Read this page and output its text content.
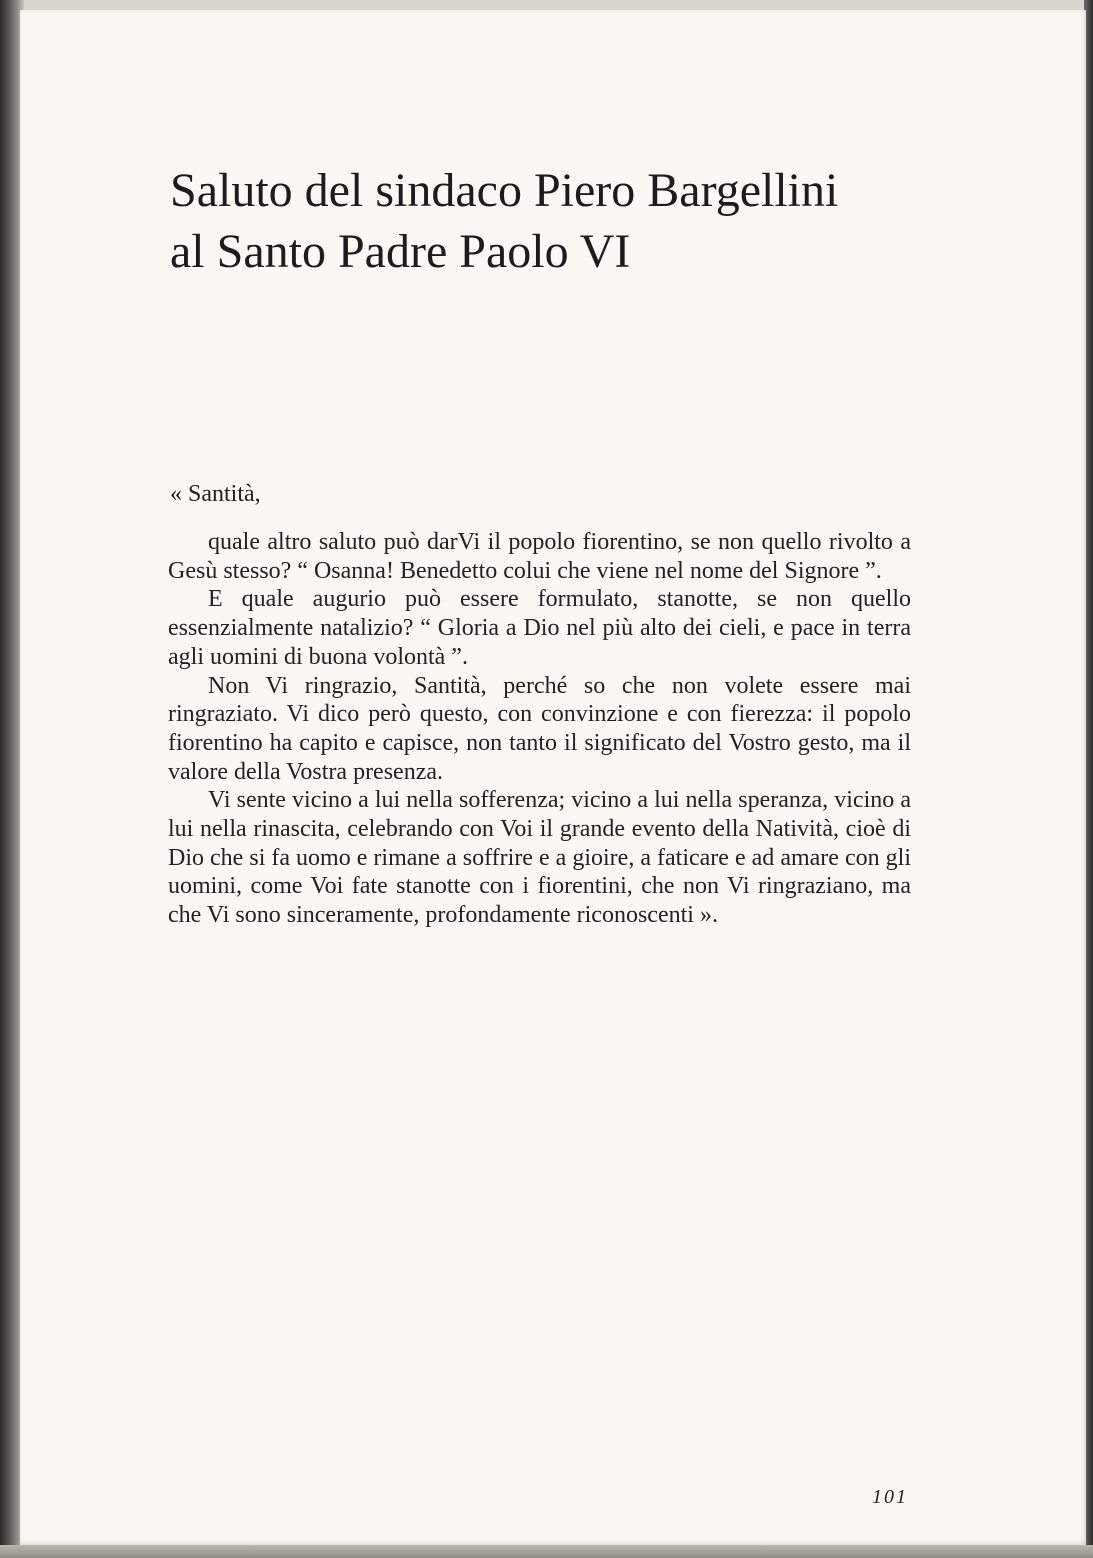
Saluto del sindaco Piero Bargellini
al Santo Padre Paolo VI

« Santità,

quale altro saluto può darVi il popolo fiorentino, se non quello rivolto a Gesù stesso? “ Osanna! Benedetto colui che viene nel nome del Signore ”.

E quale augurio può essere formulato, stanotte, se non quello essenzialmente natalizio? “ Gloria a Dio nel più alto dei cieli, e pace in terra agli uomini di buona volontà ”.

Non Vi ringrazio, Santità, perché so che non volete essere mai ringraziato. Vi dico però questo, con convinzione e con fierezza: il popolo fiorentino ha capito e capisce, non tanto il significato del Vostro gesto, ma il valore della Vostra presenza.

Vi sente vicino a lui nella sofferenza; vicino a lui nella speranza, vicino a lui nella rinascita, celebrando con Voi il grande evento della Natività, cioè di Dio che si fa uomo e rimane a soffrire e a gioire, a faticare e ad amare con gli uomini, come Voi fate stanotte con i fiorentini, che non Vi ringraziano, ma che Vi sono sinceramente, profondamente riconoscenti ».

101
